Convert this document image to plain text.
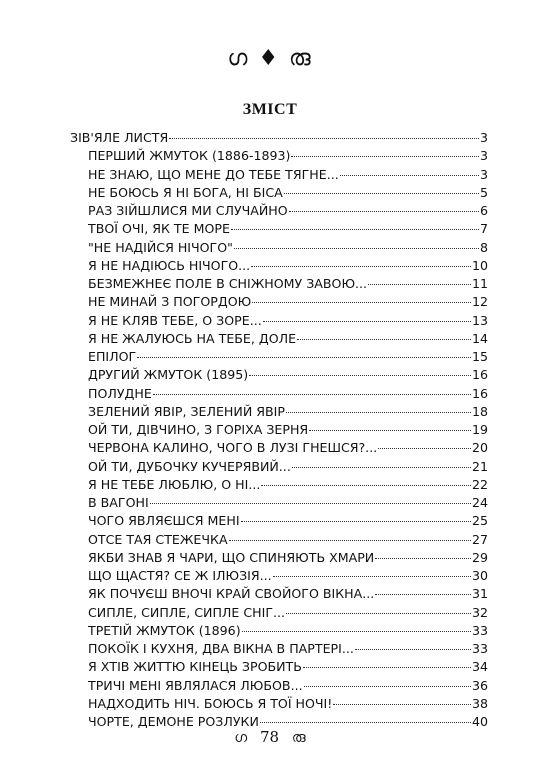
ഗ ♦ രു
ЗМІСТ
ЗІВ'ЯЛЕ ЛИСТЯ	3
ПЕРШИЙ ЖМУТОК (1886-1893)	3
НЕ ЗНАЮ, ЩО МЕНЕ ДО ТЕБЕ ТЯГНЕ...	3
НЕ БОЮСЬ Я НІ БОГА, НІ БІСА	5
РАЗ ЗІЙШЛИСЯ МИ СЛУЧАЙНО	6
ТВОЇ ОЧІ, ЯК ТЕ МОРЕ	7
"НЕ НАДІЙСЯ НІЧОГО"	8
Я НЕ НАДІЮСЬ НІЧОГО...	10
БЕЗМЕЖНЕЄ ПОЛЕ В СНІЖНОМУ ЗАВОЮ...	11
НЕ МИНАЙ З ПОГОРДОЮ	12
Я НЕ КЛЯВ ТЕБЕ, О ЗОРЕ...	13
Я НЕ ЖАЛУЮСЬ НА ТЕБЕ, ДОЛЕ	14
ЕПІЛОГ	15
ДРУГИЙ ЖМУТОК (1895)	16
ПОЛУДНЕ	16
ЗЕЛЕНИЙ ЯВІР, ЗЕЛЕНИЙ ЯВІР	18
ОЙ ТИ, ДІВЧИНО, З ГОРІХА ЗЕРНЯ	19
ЧЕРВОНА КАЛИНО, ЧОГО В ЛУЗІ ГНЕШСЯ?...	20
ОЙ ТИ, ДУБОЧКУ КУЧЕРЯВИЙ...	21
Я НЕ ТЕБЕ ЛЮБЛЮ, О НІ...	22
В ВАГОНІ	24
ЧОГО ЯВЛЯЄШСЯ МЕНІ	25
ОТСЕ ТАЯ СТЕЖЕЧКА	27
ЯКБИ ЗНАВ Я ЧАРИ, ЩО СПИНЯЮТЬ ХМАРИ	29
ЩО ЩАСТЯ? СЕ Ж ІЛЮЗІЯ...	30
ЯК ПОЧУЄШ ВНОЧІ КРАЙ СВОЙОГО ВІКНА...	31
СИПЛЕ, СИПЛЕ, СИПЛЕ СНІГ...	32
ТРЕТІЙ ЖМУТОК (1896)	33
ПОКОЇК І КУХНЯ, ДВА ВІКНА В ПАРТЕРІ...	33
Я ХТІВ ЖИТТЮ КІНЕЦЬ ЗРОБИТЬ	34
ТРИЧІ МЕНІ ЯВЛЯЛАСЯ ЛЮБОВ...	36
НАДХОДИТЬ НІЧ. БОЮСЬ Я ТОЇ НОЧІ!	38
ЧОРТЕ, ДЕМОНЕ РОЗЛУКИ	40
ഗ 78 രു
